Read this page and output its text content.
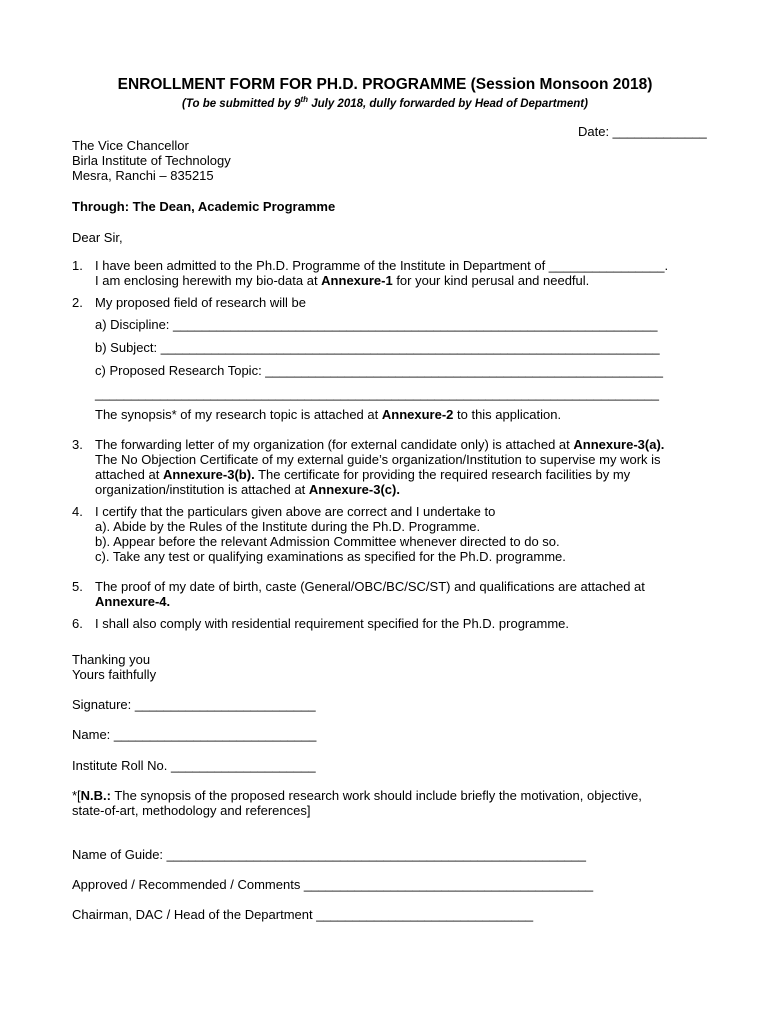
ENROLLMENT FORM FOR PH.D. PROGRAMME (Session Monsoon 2018)
(To be submitted by 9th July 2018, dully forwarded by Head of Department)
Date: _____________
The Vice Chancellor
Birla Institute of Technology
Mesra, Ranchi – 835215
Through: The Dean, Academic Programme
Dear Sir,
1. I have been admitted to the Ph.D. Programme of the Institute in Department of ________________.
I am enclosing herewith my bio-data at Annexure-1 for your kind perusal and needful.
2. My proposed field of research will be
a) Discipline: ___________________________________________________________________
b) Subject: _____________________________________________________________________
c) Proposed Research Topic: _______________________________________________________
______________________________________________________________________________
The synopsis* of my research topic is attached at Annexure-2 to this application.
3. The forwarding letter of my organization (for external candidate only) is attached at Annexure-3(a).
The No Objection Certificate of my external guide’s organization/Institution to supervise my work is
attached at Annexure-3(b). The certificate for providing the required research facilities by my
organization/institution is attached at Annexure-3(c).
4. I certify that the particulars given above are correct and I undertake to
a). Abide by the Rules of the Institute during the Ph.D. Programme.
b). Appear before the relevant Admission Committee whenever directed to do so.
c). Take any test or qualifying examinations as specified for the Ph.D. programme.
5. The proof of my date of birth, caste (General/OBC/BC/SC/ST) and qualifications are attached at
Annexure-4.
6. I shall also comply with residential requirement specified for the Ph.D. programme.
Thanking you
Yours faithfully
Signature: _________________________
Name: ____________________________
Institute Roll No. ____________________
*[N.B.: The synopsis of the proposed research work should include briefly the motivation, objective,
state-of-art, methodology and references]
Name of Guide: __________________________________________________________
Approved / Recommended / Comments ________________________________________
Chairman, DAC / Head of the Department ______________________________
